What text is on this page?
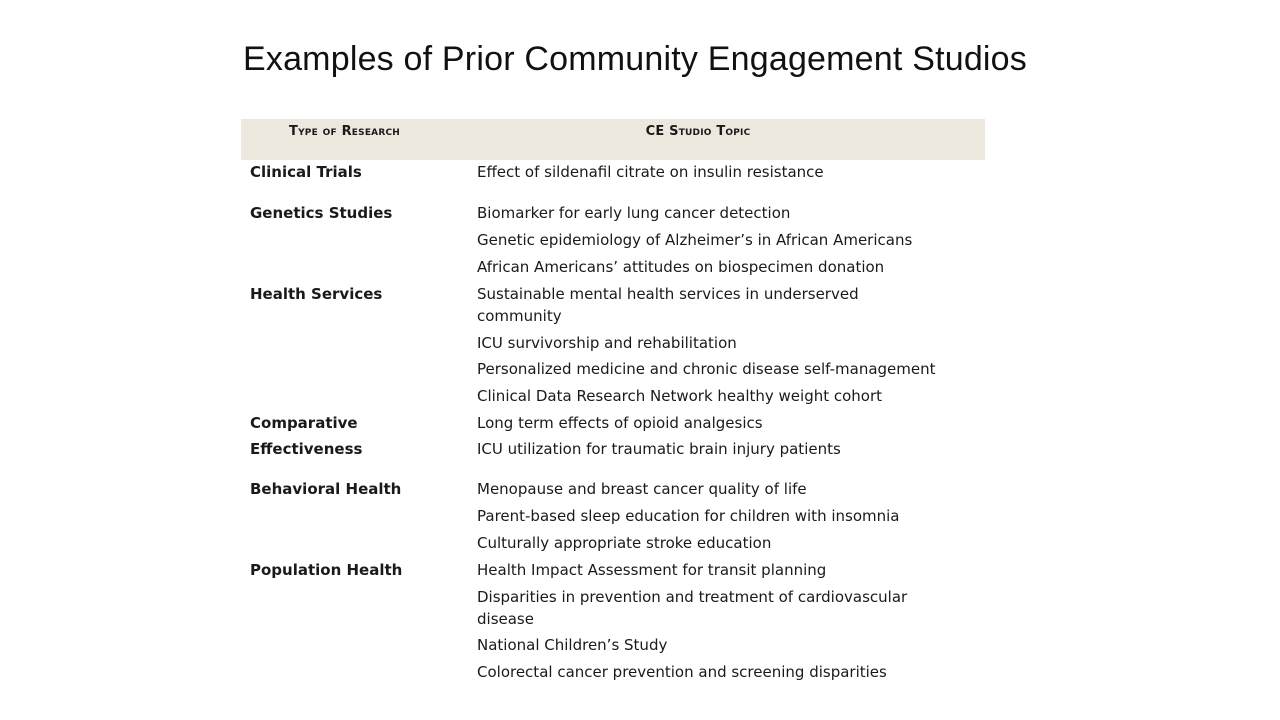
Examples of Prior Community Engagement Studios
Type of Research	CE Studio Topic
Clinical Trials
Genetics Studies
Health Services
Comparative
Effectiveness
Behavioral Health
Population Health
Effect of sildenafil citrate on insulin resistance
Biomarker for early lung cancer detection
Genetic epidemiology of Alzheimer’s in African Americans
African Americans’ attitudes on biospecimen donation
Sustainable mental health services in underserved community
ICU survivorship and rehabilitation
Personalized medicine and chronic disease self-management
Clinical Data Research Network healthy weight cohort
Long term effects of opioid analgesics
ICU utilization for traumatic brain injury patients
Menopause and breast cancer quality of life
Parent-based sleep education for children with insomnia
Culturally appropriate stroke education
Health Impact Assessment for transit planning
Disparities in prevention and treatment of cardiovascular disease
National Children’s Study
Colorectal cancer prevention and screening disparities
